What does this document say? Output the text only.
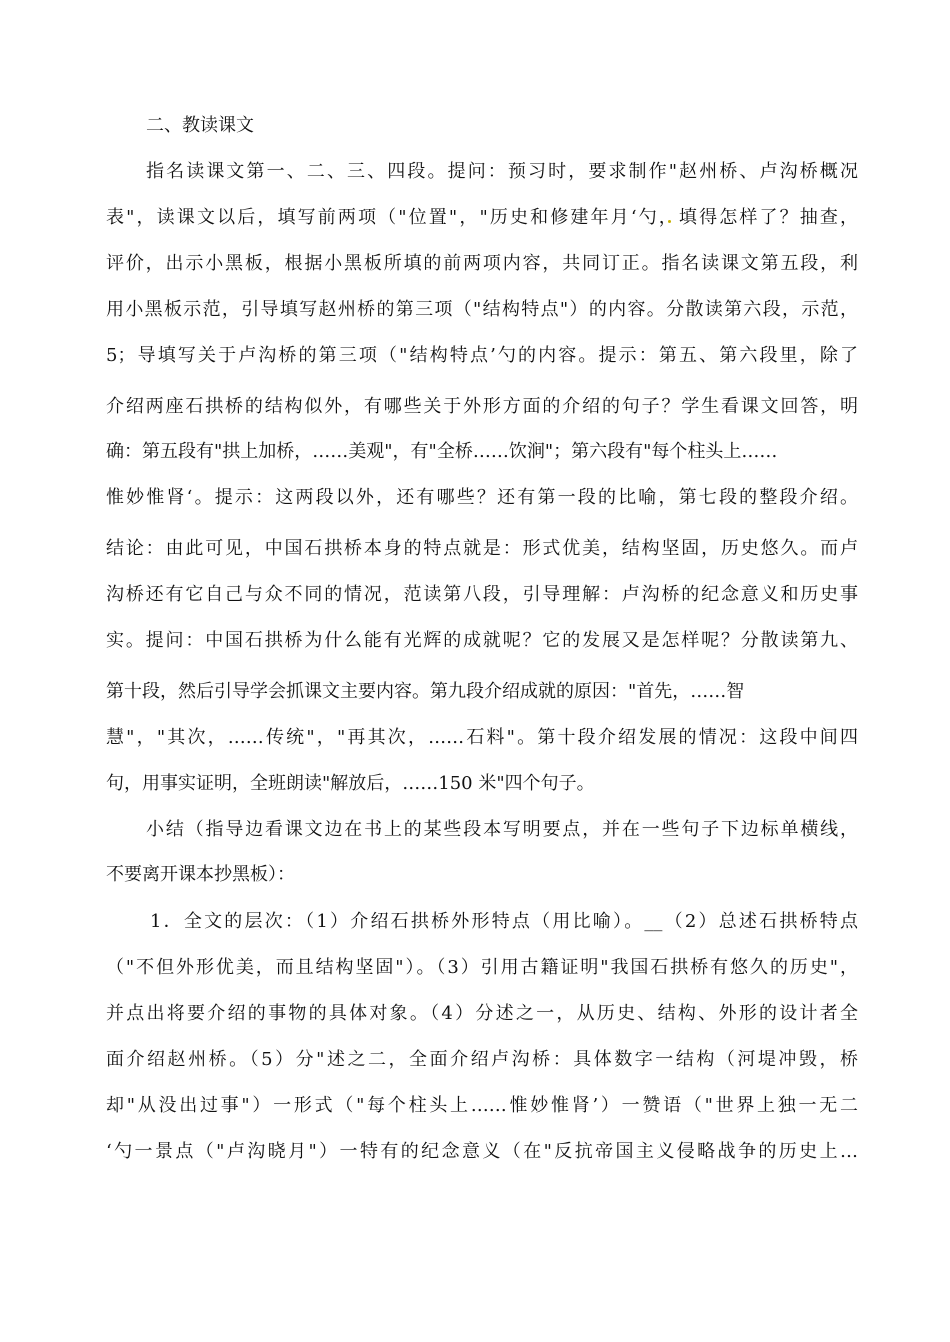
二、教读课文
指名读课文第一、二、三、四段。提问：预习时，要求制作"赵州桥、卢沟桥概况
表"，读课文以后，填写前两项（"位置"，"历史和修建年月‘勺，填得怎样了？抽查，
评价，出示小黑板，根据小黑板所填的前两项内容，共同订正。指名读课文第五段，利
用小黑板示范，引导填写赵州桥的第三项（"结构特点"）的内容。分散读第六段，示范，
5；导填写关于卢沟桥的第三项（"结构特点’勺的内容。提示：第五、第六段里，除了
介绍两座石拱桥的结构似外，有哪些关于外形方面的介绍的句子？学生看课文回答，明
确：第五段有"拱上加桥，……美观"，有"全桥……饮涧"；第六段有"每个柱头上……
惟妙惟肾‘。提示：这两段以外，还有哪些？还有第一段的比喻，第七段的整段介绍。
结论：由此可见，中国石拱桥本身的特点就是：形式优美，结构坚固，历史悠久。而卢
沟桥还有它自己与众不同的情况，范读第八段，引导理解：卢沟桥的纪念意义和历史事
实。提问：中国石拱桥为什么能有光辉的成就呢？它的发展又是怎样呢？分散读第九、
第十段，然后引导学会抓课文主要内容。第九段介绍成就的原因："首先，……智
慧"，"其次，……传统"，"再其次，……石料"。第十段介绍发展的情况：这段中间四
句，用事实证明，全班朗读"解放后，……150 米"四个句子。
小结（指导边看课文边在书上的某些段本写明要点，并在一些句子下边标单横线，
不要离开课本抄黑板）：
1．全文的层次：（1）介绍石拱桥外形特点（用比喻）。__（2）总述石拱桥特点
（"不但外形优美，而且结构坚固"）。（3）引用古籍证明"我国石拱桥有悠久的历史"，
并点出将要介绍的事物的具体对象。（4）分述之一，从历史、结构、外形的设计者全
面介绍赵州桥。（5）分"述之二，全面介绍卢沟桥：具体数字一结构（河堤冲毁，桥
却"从没出过事"）一形式（"每个柱头上……惟妙惟肾’）一赞语（"世界上独一无二
‘勺一景点（"卢沟晓月"）一特有的纪念意义（在"反抗帝国主义侵略战争的历史上…
